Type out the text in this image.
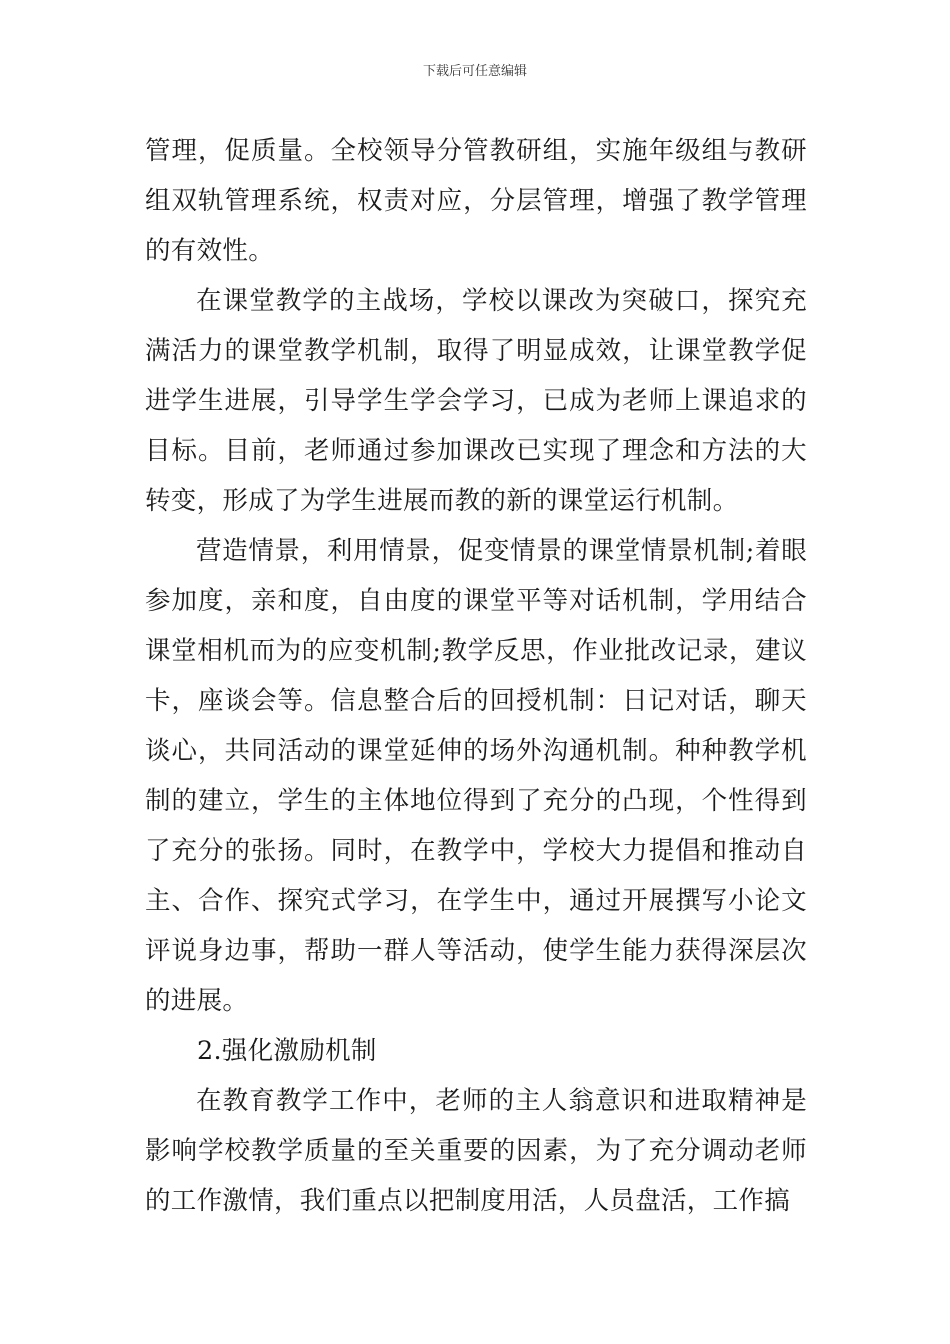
下载后可任意编辑

管理，促质量。全校领导分管教研组，实施年级组与教研组双轨管理系统，权责对应，分层管理，增强了教学管理的有效性。

在课堂教学的主战场，学校以课改为突破口，探究充满活力的课堂教学机制，取得了明显成效，让课堂教学促进学生进展，引导学生学会学习，已成为老师上课追求的目标。目前，老师通过参加课改已实现了理念和方法的大转变，形成了为学生进展而教的新的课堂运行机制。

营造情景，利用情景，促变情景的课堂情景机制;着眼参加度，亲和度，自由度的课堂平等对话机制，学用结合课堂相机而为的应变机制;教学反思，作业批改记录，建议卡，座谈会等。信息整合后的回授机制：日记对话，聊天谈心，共同活动的课堂延伸的场外沟通机制。种种教学机制的建立，学生的主体地位得到了充分的凸现，个性得到了充分的张扬。同时，在教学中，学校大力提倡和推动自主、合作、探究式学习，在学生中，通过开展撰写小论文评说身边事，帮助一群人等活动，使学生能力获得深层次的进展。

2.强化激励机制

在教育教学工作中，老师的主人翁意识和进取精神是影响学校教学质量的至关重要的因素，为了充分调动老师的工作激情，我们重点以把制度用活，人员盘活，工作搞
